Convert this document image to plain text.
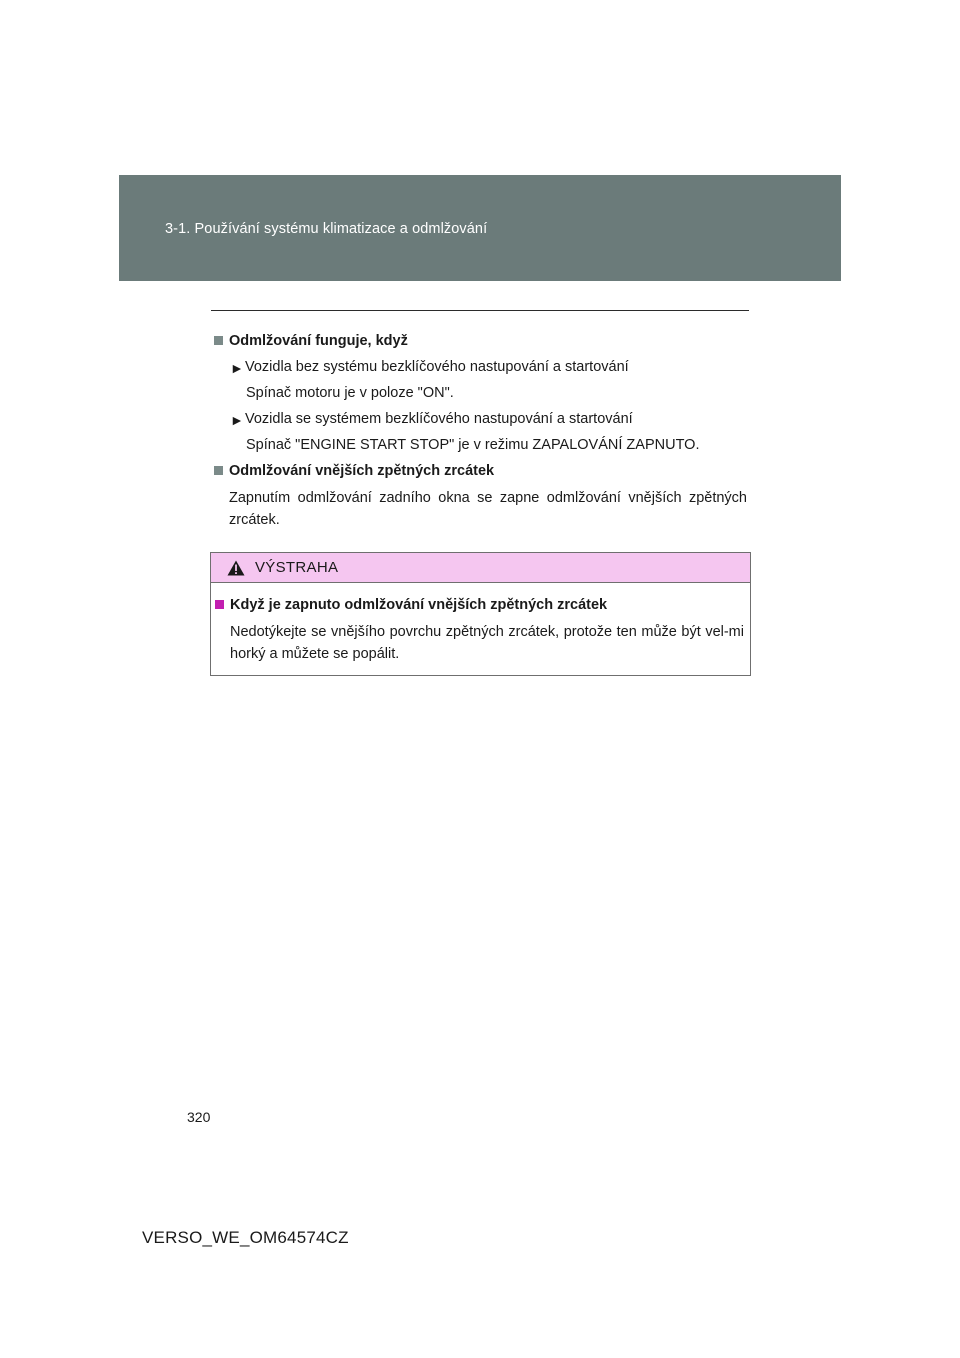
3-1. Používání systému klimatizace a odmlžování
Odmlžování funguje, když
► Vozidla bez systému bezklíčového nastupování a startování
Spínač motoru je v poloze "ON".
► Vozidla se systémem bezklíčového nastupování a startování
Spínač "ENGINE START STOP" je v režimu ZAPALOVÁNÍ ZAPNUTO.
Odmlžování vnějších zpětných zrcátek
Zapnutím odmlžování zadního okna se zapne odmlžování vnějších zpětných zrcátek.
VÝSTRAHA
Když je zapnuto odmlžování vnějších zpětných zrcátek
Nedotýkejte se vnějšího povrchu zpětných zrcátek, protože ten může být vel-mi horký a můžete se popálit.
320
VERSO_WE_OM64574CZ
